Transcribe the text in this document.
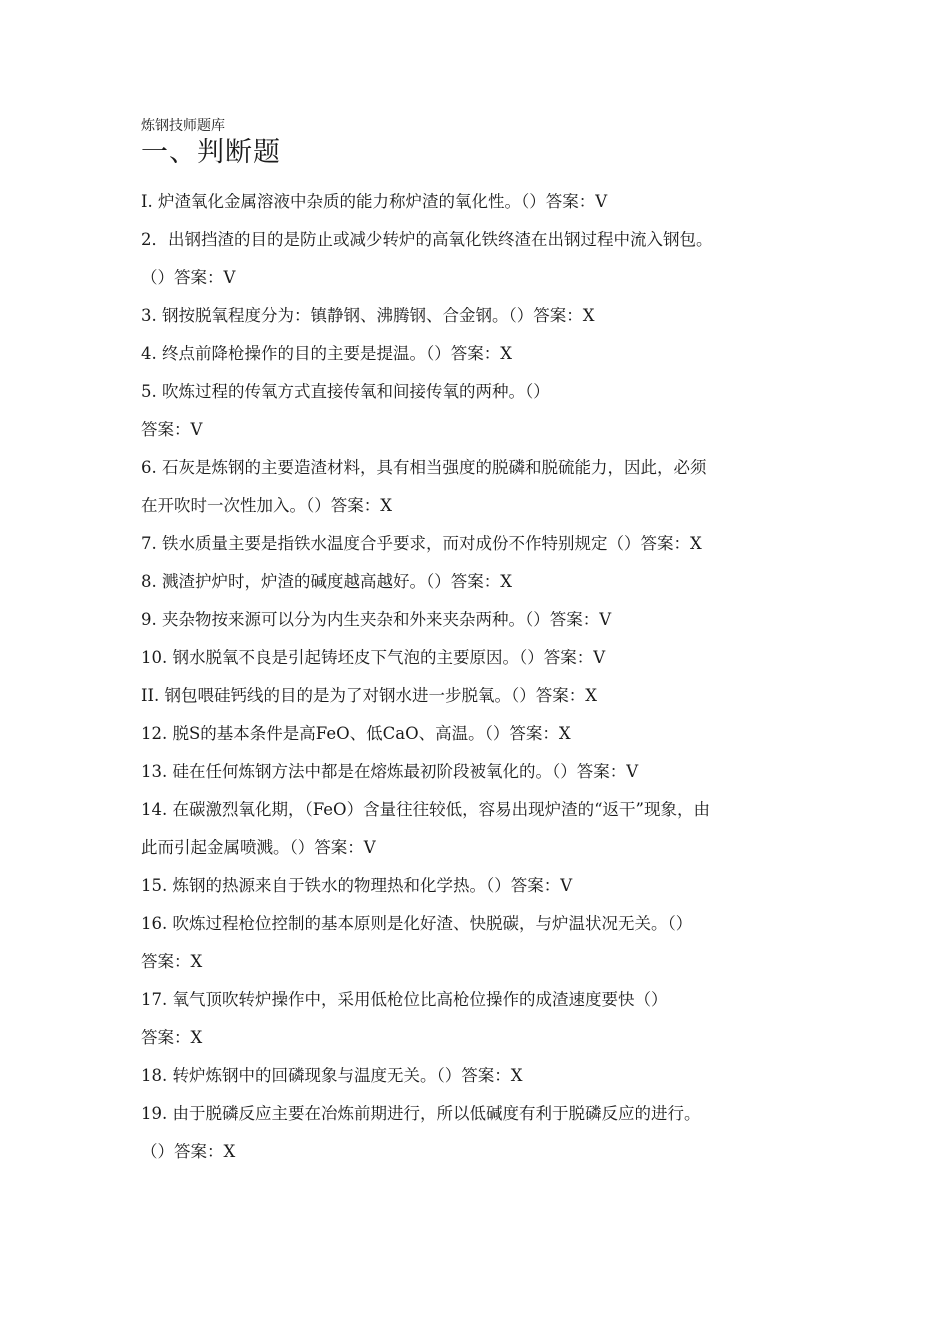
炼钢技师题库
一、判断题
I. 炉渣氧化金属溶液中杂质的能力称炉渣的氧化性。（）答案：V
2．出钢挡渣的目的是防止或减少转炉的高氧化铁终渣在出钢过程中流入钢包。
（）答案：V
3. 钢按脱氧程度分为：镇静钢、沸腾钢、合金钢。（）答案：X
4. 终点前降枪操作的目的主要是提温。（）答案：X
5. 吹炼过程的传氧方式直接传氧和间接传氧的两种。（）
答案：V
6. 石灰是炼钢的主要造渣材料，具有相当强度的脱磷和脱硫能力，因此，必须
在开吹时一次性加入。（）答案：X
7. 铁水质量主要是指铁水温度合乎要求，而对成份不作特别规定（）答案：X
8. 溅渣护炉时，炉渣的碱度越高越好。（）答案：X
9. 夹杂物按来源可以分为内生夹杂和外来夹杂两种。（）答案：V
10. 钢水脱氧不良是引起铸坯皮下气泡的主要原因。（）答案：V
II. 钢包喂硅钙线的目的是为了对钢水进一步脱氧。（）答案：X
12. 脱S的基本条件是高FeO、低CaO、高温。（）答案：X
13. 硅在任何炼钢方法中都是在熔炼最初阶段被氧化的。（）答案：V
14. 在碳激烈氧化期，（FeO）含量往往较低，容易出现炉渣的“返干”现象，由
此而引起金属喷溅。（）答案：V
15. 炼钢的热源来自于铁水的物理热和化学热。（）答案：V
16. 吹炼过程枪位控制的基本原则是化好渣、快脱碳，与炉温状况无关。（）
答案：X
17. 氧气顶吹转炉操作中，采用低枪位比高枪位操作的成渣速度要快（）
答案：X
18. 转炉炼钢中的回磷现象与温度无关。（）答案：X
19. 由于脱磷反应主要在冶炼前期进行，所以低碱度有利于脱磷反应的进行。
（）答案：X
